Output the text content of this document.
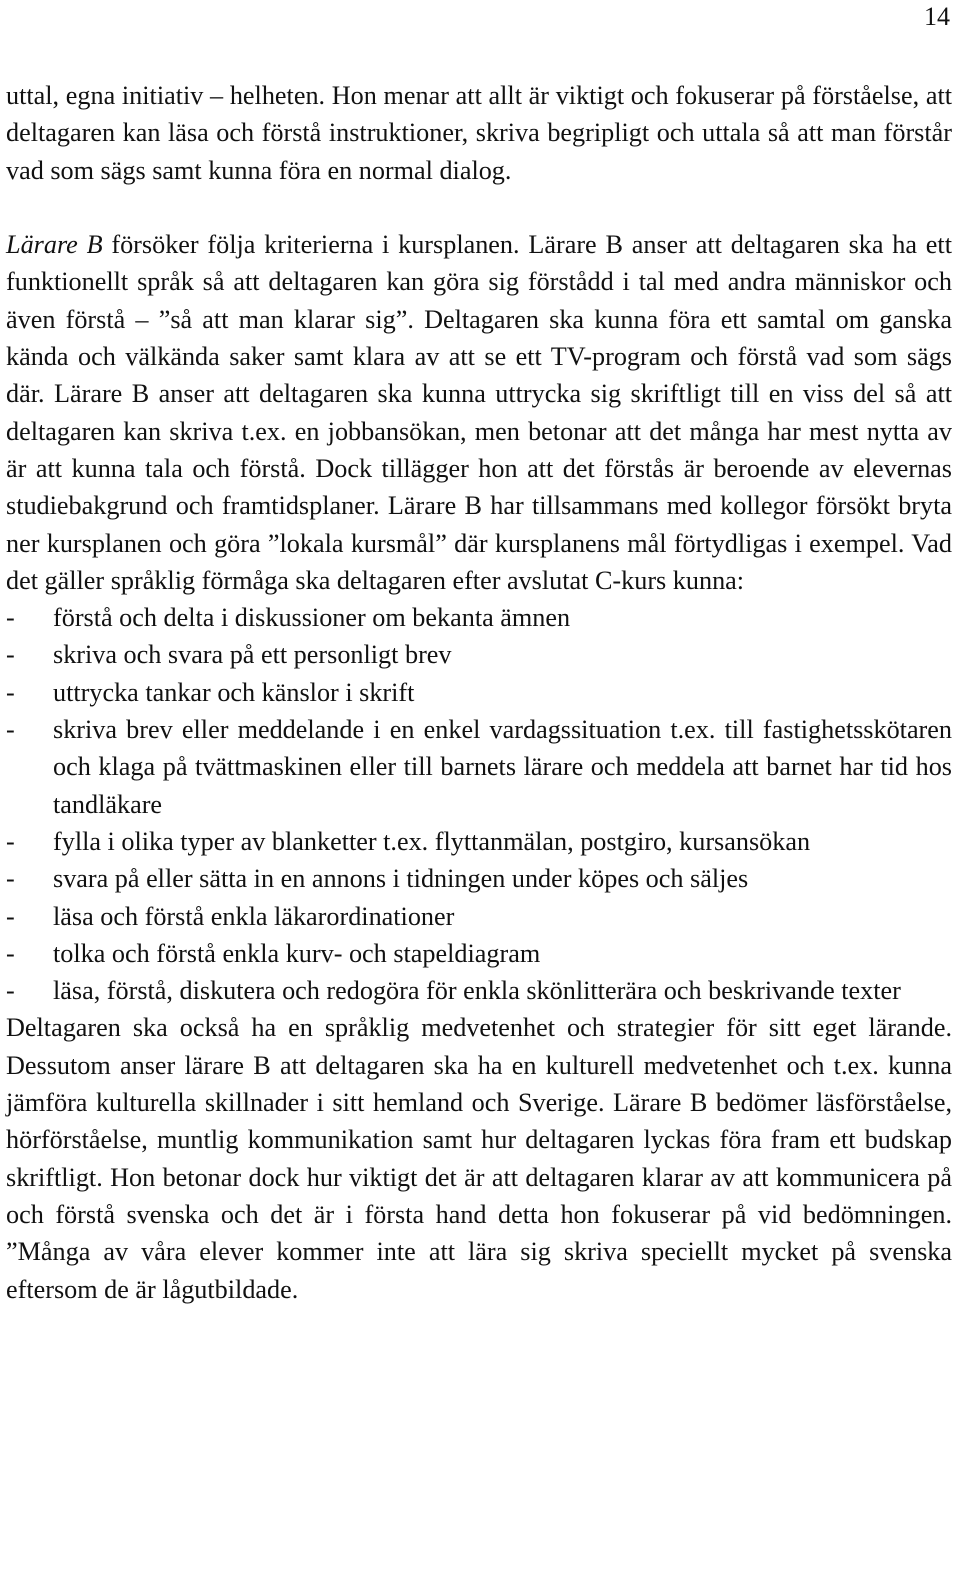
14

uttal, egna initiativ – helheten. Hon menar att allt är viktigt och fokuserar på förståelse, att deltagaren kan läsa och förstå instruktioner, skriva begripligt och uttala så att man förstår vad som sägs samt kunna föra en normal dialog.

Lärare B försöker följa kriterierna i kursplanen. Lärare B anser att deltagaren ska ha ett funktionellt språk så att deltagaren kan göra sig förstådd i tal med andra människor och även förstå – ”så att man klarar sig”. Deltagaren ska kunna föra ett samtal om ganska kända och välkända saker samt klara av att se ett TV-program och förstå vad som sägs där. Lärare B anser att deltagaren ska kunna uttrycka sig skriftligt till en viss del så att deltagaren kan skriva t.ex. en jobbansökan, men betonar att det många har mest nytta av är att kunna tala och förstå. Dock tillägger hon att det förstås är beroende av elevernas studiebakgrund och framtidsplaner. Lärare B har tillsammans med kollegor försökt bryta ner kursplanen och göra ”lokala kursmål” där kursplanens mål förtydligas i exempel. Vad det gäller språklig förmåga ska deltagaren efter avslutat C-kurs kunna:

- förstå och delta i diskussioner om bekanta ämnen
- skriva och svara på ett personligt brev
- uttrycka tankar och känslor i skrift
- skriva brev eller meddelande i en enkel vardagssituation t.ex. till fastighetsskötaren och klaga på tvättmaskinen eller till barnets lärare och meddela att barnet har tid hos tandläkare
- fylla i olika typer av blanketter t.ex. flyttanmälan, postgiro, kursansökan
- svara på eller sätta in en annons i tidningen under köpes och säljes
- läsa och förstå enkla läkarordinationer
- tolka och förstå enkla kurv- och stapeldiagram
- läsa, förstå, diskutera och redogöra för enkla skönlitterära och beskrivande texter

Deltagaren ska också ha en språklig medvetenhet och strategier för sitt eget lärande. Dessutom anser lärare B att deltagaren ska ha en kulturell medvetenhet och t.ex. kunna jämföra kulturella skillnader i sitt hemland och Sverige. Lärare B bedömer läsförståelse, hörförståelse, muntlig kommunikation samt hur deltagaren lyckas föra fram ett budskap skriftligt. Hon betonar dock hur viktigt det är att deltagaren klarar av att kommunicera på och förstå svenska och det är i första hand detta hon fokuserar på vid bedömningen. ”Många av våra elever kommer inte att lära sig skriva speciellt mycket på svenska eftersom de är lågutbildade.
